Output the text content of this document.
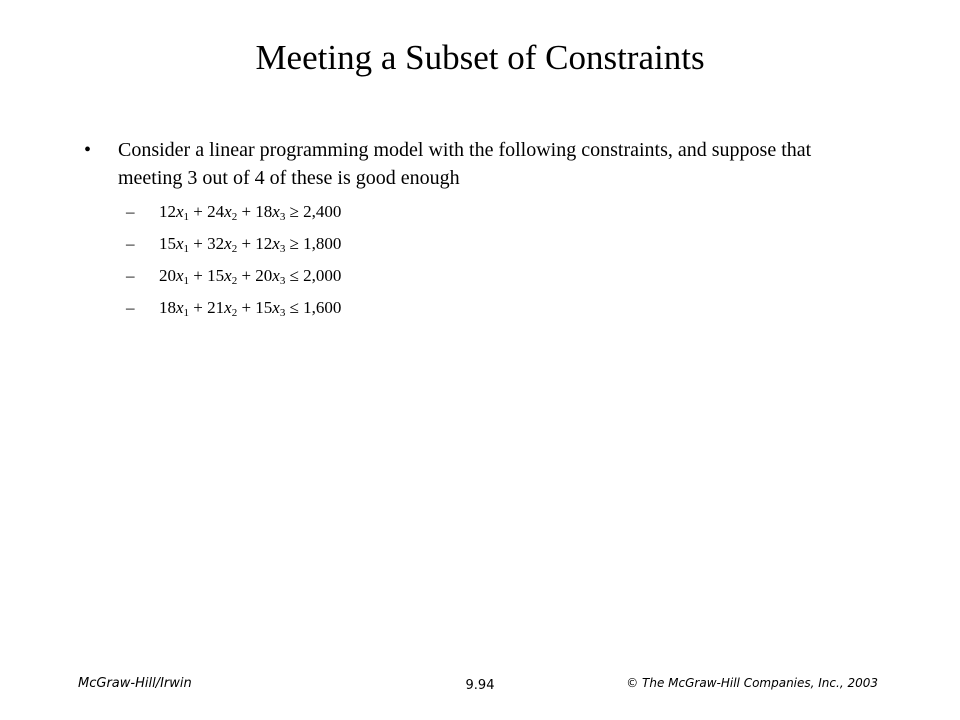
Meeting a Subset of Constraints
• Consider a linear programming model with the following constraints, and suppose that meeting 3 out of 4 of these is good enough
– $12x_1 + 24x_2 + 18x_3 \ge 2,400$
– $15x_1 + 32x_2 + 12x_3 \ge 1,800$
– $20x_1 + 15x_2 + 20x_3 \le 2,000$
– $18x_1 + 21x_2 + 15x_3 \le 1,600$
McGraw-Hill/Irwin	9.94	© The McGraw-Hill Companies, Inc., 2003
